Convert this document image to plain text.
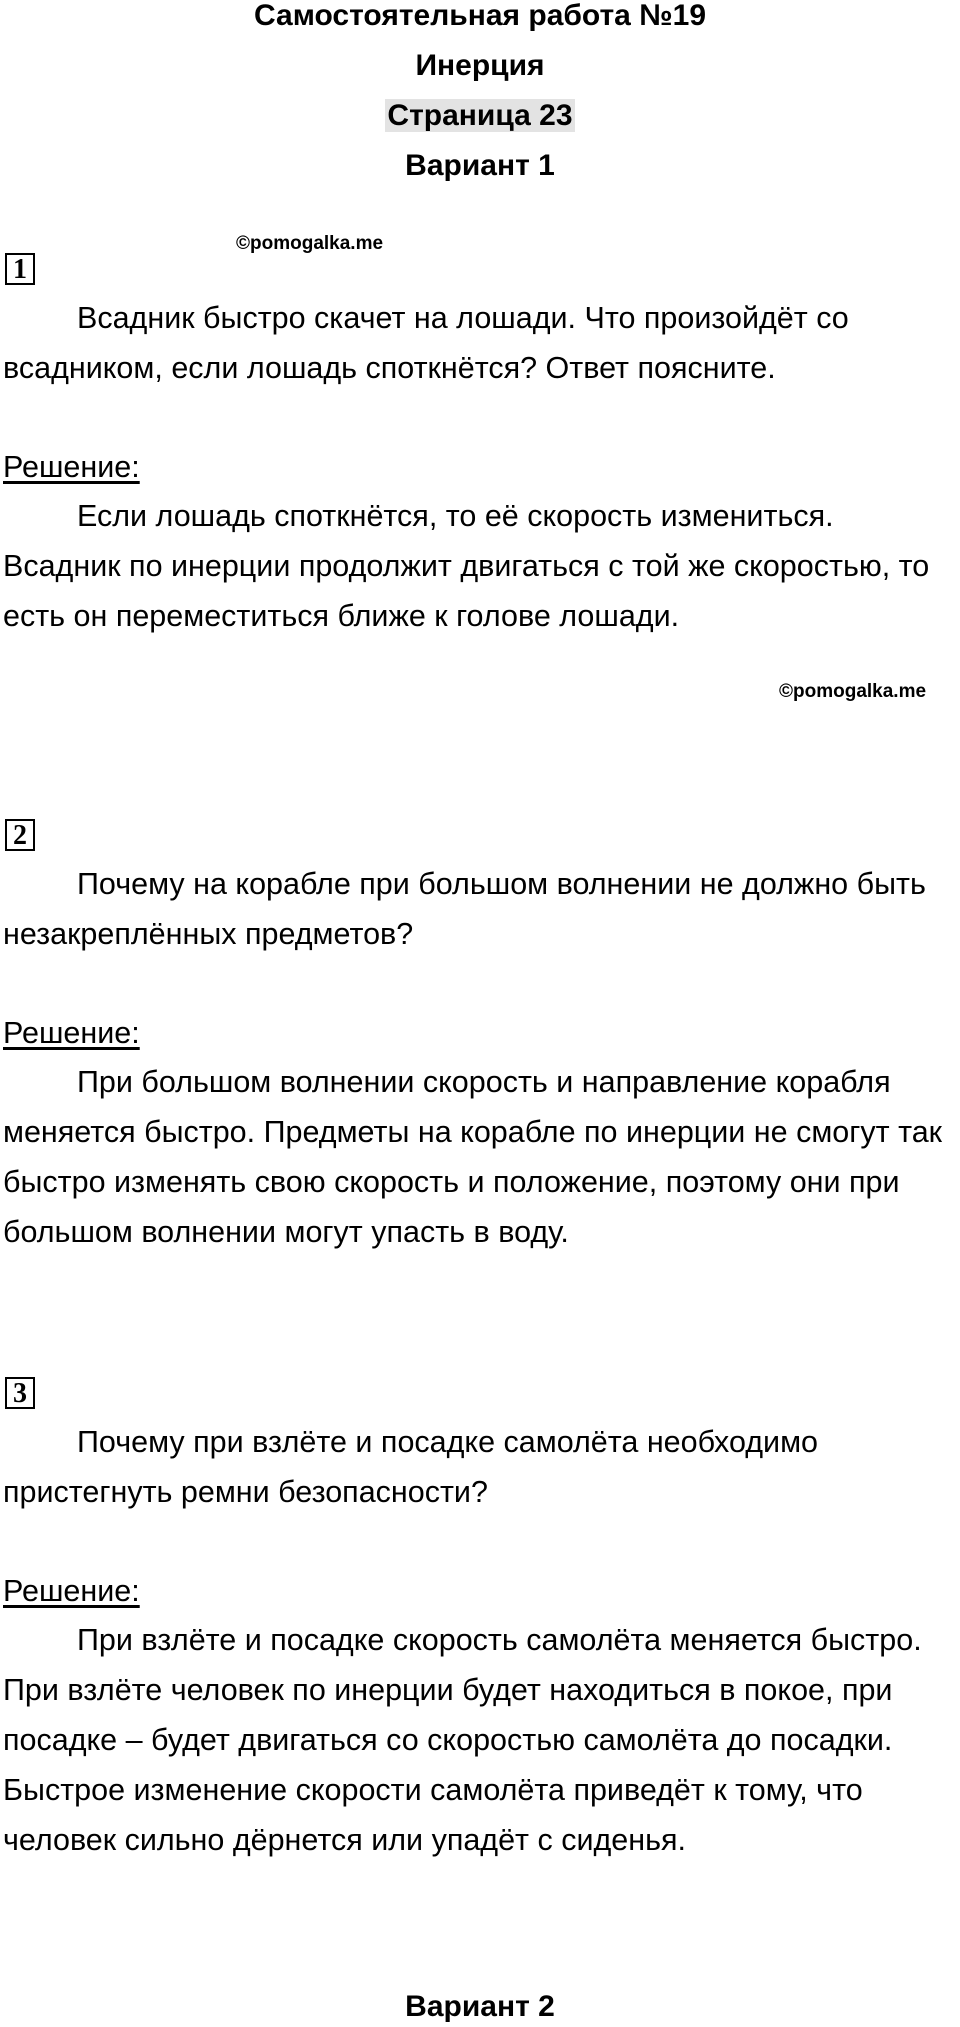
Самостоятельная работа №19
Инерция
Страница 23
Вариант 1
©pomogalka.me
1

Всадник быстро скачет на лошади. Что произойдёт со всадником, если лошадь споткнётся? Ответ поясните.

Решение:

Если лошадь споткнётся, то её скорость измениться. Всадник по инерции продолжит двигаться с той же скоростью, то есть он переместиться ближе к голове лошади.

©pomogalka.me
2

Почему на корабле при большом волнении не должно быть незакреплённых предметов?

Решение:

При большом волнении скорость и направление корабля меняется быстро. Предметы на корабле по инерции не смогут так быстро изменять свою скорость и положение, поэтому они при большом волнении могут упасть в воду.

3

Почему при взлёте и посадке самолёта необходимо пристегнуть ремни безопасности?

Решение:

При взлёте и посадке скорость самолёта меняется быстро. При взлёте человек по инерции будет находиться в покое, при посадке – будет двигаться со скоростью самолёта до посадки. Быстрое изменение скорости самолёта приведёт к тому, что человек сильно дёрнется или упадёт с сиденья.

Вариант 2
